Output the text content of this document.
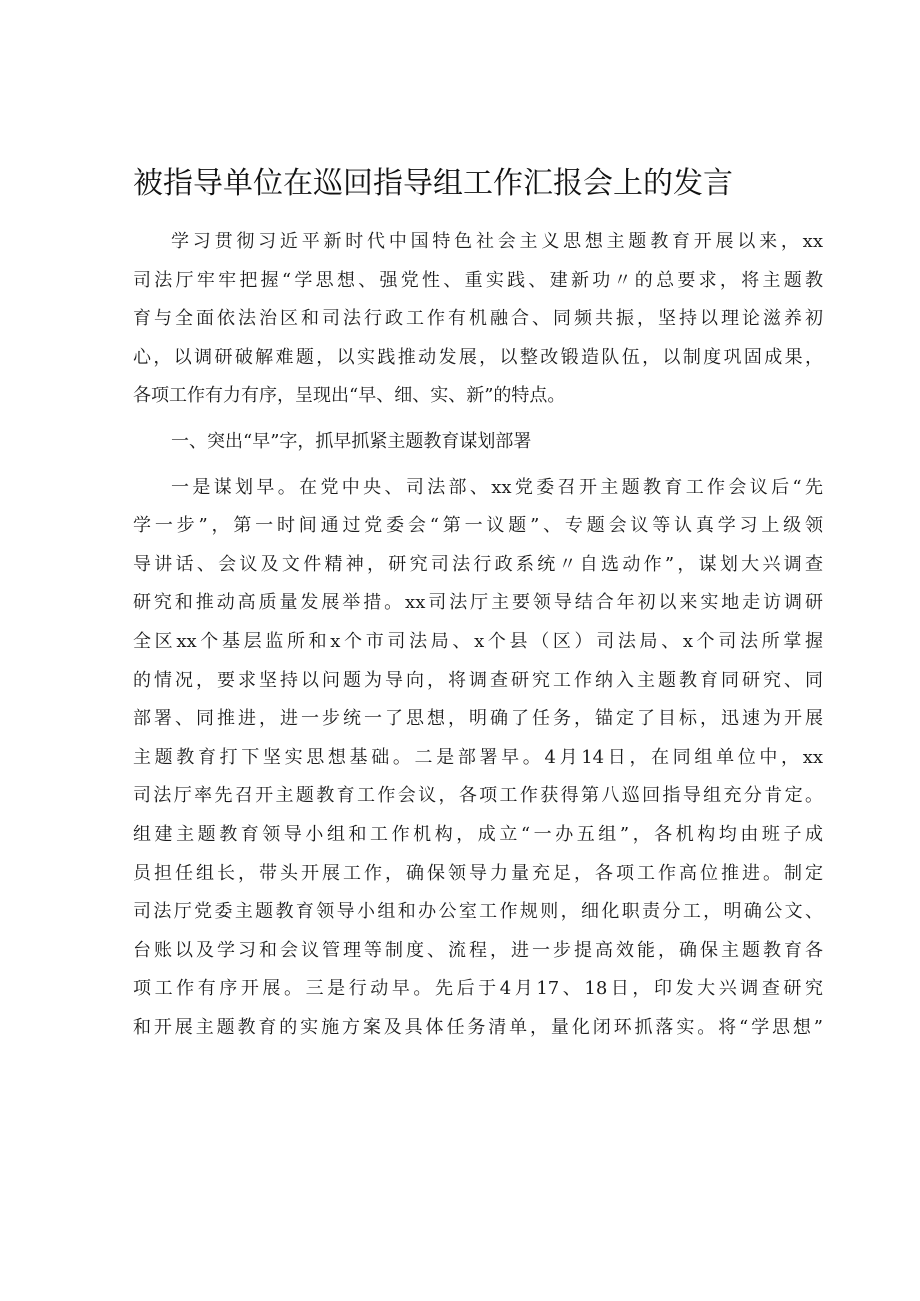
被指导单位在巡回指导组工作汇报会上的发言
学习贯彻习近平新时代中国特色社会主义思想主题教育开展以来，xx
司法厅牢牢把握“学思想、强党性、重实践、建新功〃的总要求，将主题教
育与全面依法治区和司法行政工作有机融合、同频共振，坚持以理论滋养初
心，以调研破解难题，以实践推动发展，以整改锻造队伍，以制度巩固成果，
各项工作有力有序，呈现出“早、细、实、新”的特点。
一、突出“早”字，抓早抓紧主题教育谋划部署
一是谋划早。在党中央、司法部、xx党委召开主题教育工作会议后“先
学一步”，第一时间通过党委会“第一议题”、专题会议等认真学习上级领
导讲话、会议及文件精神，研究司法行政系统〃自选动作”，谋划大兴调查
研究和推动高质量发展举措。xx司法厅主要领导结合年初以来实地走访调研
全区xx个基层监所和x个市司法局、x个县（区）司法局、x个司法所掌握
的情况，要求坚持以问题为导向，将调查研究工作纳入主题教育同研究、同
部署、同推进，进一步统一了思想，明确了任务，锚定了目标，迅速为开展
主题教育打下坚实思想基础。二是部署早。4月14日，在同组单位中，xx
司法厅率先召开主题教育工作会议，各项工作获得第八巡回指导组充分肯定。
组建主题教育领导小组和工作机构，成立“一办五组”，各机构均由班子成
员担任组长，带头开展工作，确保领导力量充足，各项工作高位推进。制定
司法厅党委主题教育领导小组和办公室工作规则，细化职责分工，明确公文、
台账以及学习和会议管理等制度、流程，进一步提高效能，确保主题教育各
项工作有序开展。三是行动早。先后于4月17、18日，印发大兴调查研究
和开展主题教育的实施方案及具体任务清单，量化闭环抓落实。将“学思想”
